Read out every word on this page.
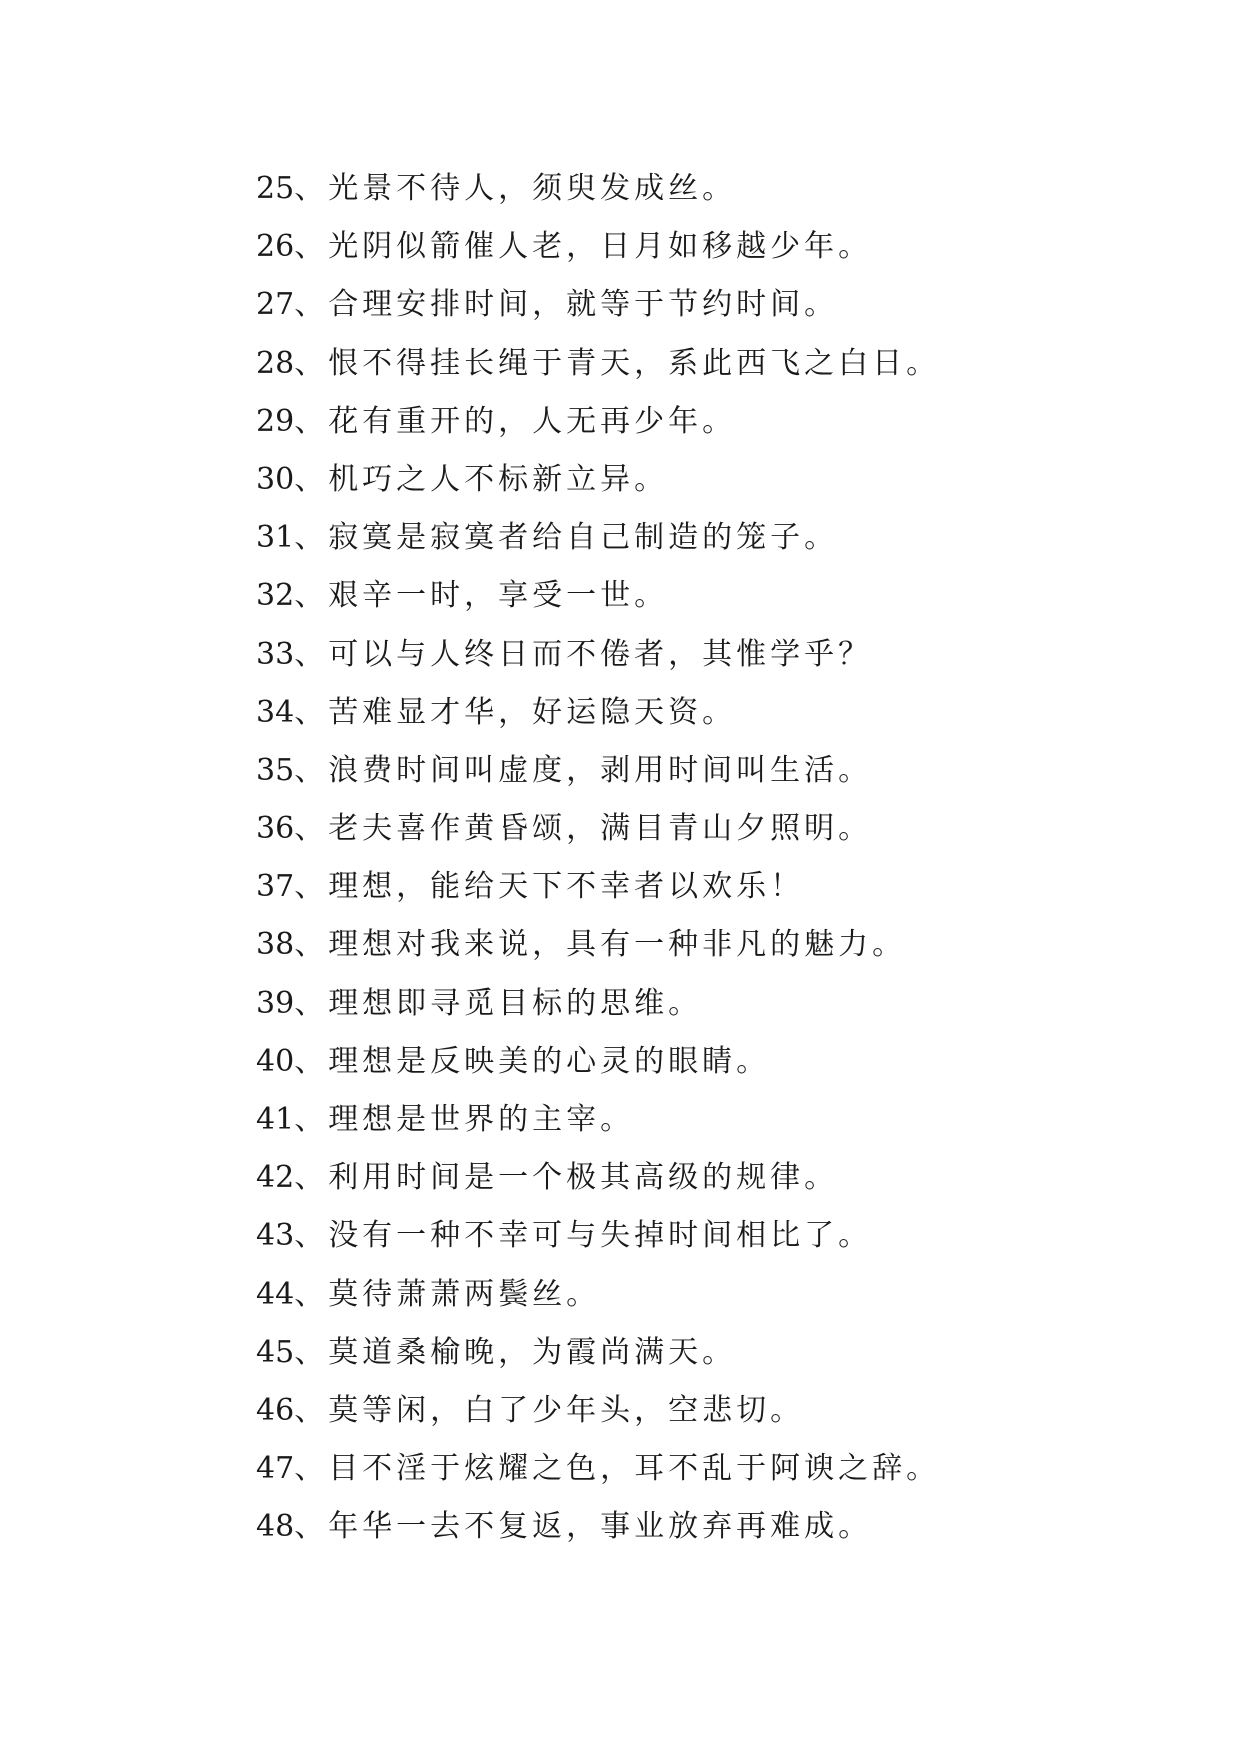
25、光景不待人，须臾发成丝。
26、光阴似箭催人老，日月如移越少年。
27、合理安排时间，就等于节约时间。
28、恨不得挂长绳于青天，系此西飞之白日。
29、花有重开的，人无再少年。
30、机巧之人不标新立异。
31、寂寞是寂寞者给自己制造的笼子。
32、艰辛一时，享受一世。
33、可以与人终日而不倦者，其惟学乎？
34、苦难显才华，好运隐天资。
35、浪费时间叫虚度，剥用时间叫生活。
36、老夫喜作黄昏颂，满目青山夕照明。
37、理想，能给天下不幸者以欢乐！
38、理想对我来说，具有一种非凡的魅力。
39、理想即寻觅目标的思维。
40、理想是反映美的心灵的眼睛。
41、理想是世界的主宰。
42、利用时间是一个极其高级的规律。
43、没有一种不幸可与失掉时间相比了。
44、莫待萧萧两鬓丝。
45、莫道桑榆晚，为霞尚满天。
46、莫等闲，白了少年头，空悲切。
47、目不淫于炫耀之色，耳不乱于阿谀之辞。
48、年华一去不复返，事业放弃再难成。
